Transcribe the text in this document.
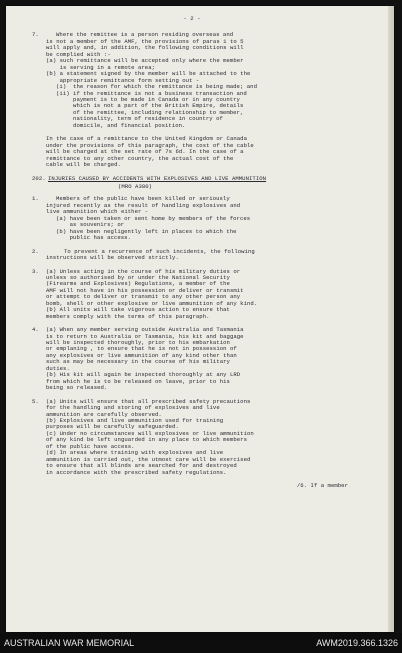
- 2 -
7.	Where the remittee is a person residing overseas and
is not a member of the AMF, the provisions of paras 1 to 5
will apply and, in addition, the following conditions will
be complied with :-
(a) such remittance will be accepted only where the member
is serving in a remote area;
(b) a statement signed by the member will be attached to the
appropriate remittance form setting out -
(i)  the reason for which the remittance is being made; and
(ii) if the remittance is not a business transaction and
payment is to be made in Canada or in any country
which is not a part of the British Empire, details
of the remittee, including relationship to member,
nationality, term of residence in country of
domicile, and financial position.
In the case of a remittance to the United Kingdom or Canada
under the provisions of this paragraph, the cost of the cable
will be charged at the set rate of 7s 6d. In the case of a
remittance to any other country, the actual cost of the
cable will be charged.
202. INJURIES CAUSED BY ACCIDENTS WITH EXPLOSIVES AND LIVE AMMUNITION
(MRO A380)
1.	Members of the public have been killed or seriously
injured recently as the result of handling explosives and
live ammunition which either -
(a) have been taken or sent home by members of the forces
as souvenirs; or
(b) have been negligently left in places to which the
public has access.
2.	To prevent a recurrence of such incidents, the following
instructions will be observed strictly.
3.	(a) Unless acting in the course of his military duties or
unless so authorised by or under the National Security
(Firearms and Explosives) Regulations, a member of the
AMF will not have in his possession or deliver or transmit
or attempt to deliver or transmit to any other person any
bomb, shell or other explosive or live ammunition of any kind.
(b) All units will take vigorous action to ensure that
members comply with the terms of this paragraph.
4.	(a) When any member serving outside Australia and Tasmania
is to return to Australia or Tasmania, his kit and baggage
will be inspected thoroughly, prior to his embarkation
or emplaning , to ensure that he is not in possession of
any explosives or live ammunition of any kind other than
such as may be necessary in the course of his military
duties.
(b) His kit will again be inspected thoroughly at any LRD
from which he is to be released on leave, prior to his
being so released.
5.	(a) Units will ensure that all prescribed safety precautions
for the handling and storing of explosives and live
ammunition are carefully observed.
(b) Explosives and live ammunition used for training
purposes will be carefully safeguarded.
(c) Under no circumstances will explosives or live ammunition
of any kind be left unguarded in any place to which members
of the public have access.
(d) In areas where training with explosives and live
ammunition is carried out, the utmost care will be exercised
to ensure that all blinds are searched for and destroyed
in accordance with the prescribed safety regulations.
/6. If a member
AUSTRALIAN WAR MEMORIAL	AWM2019.366.1326
